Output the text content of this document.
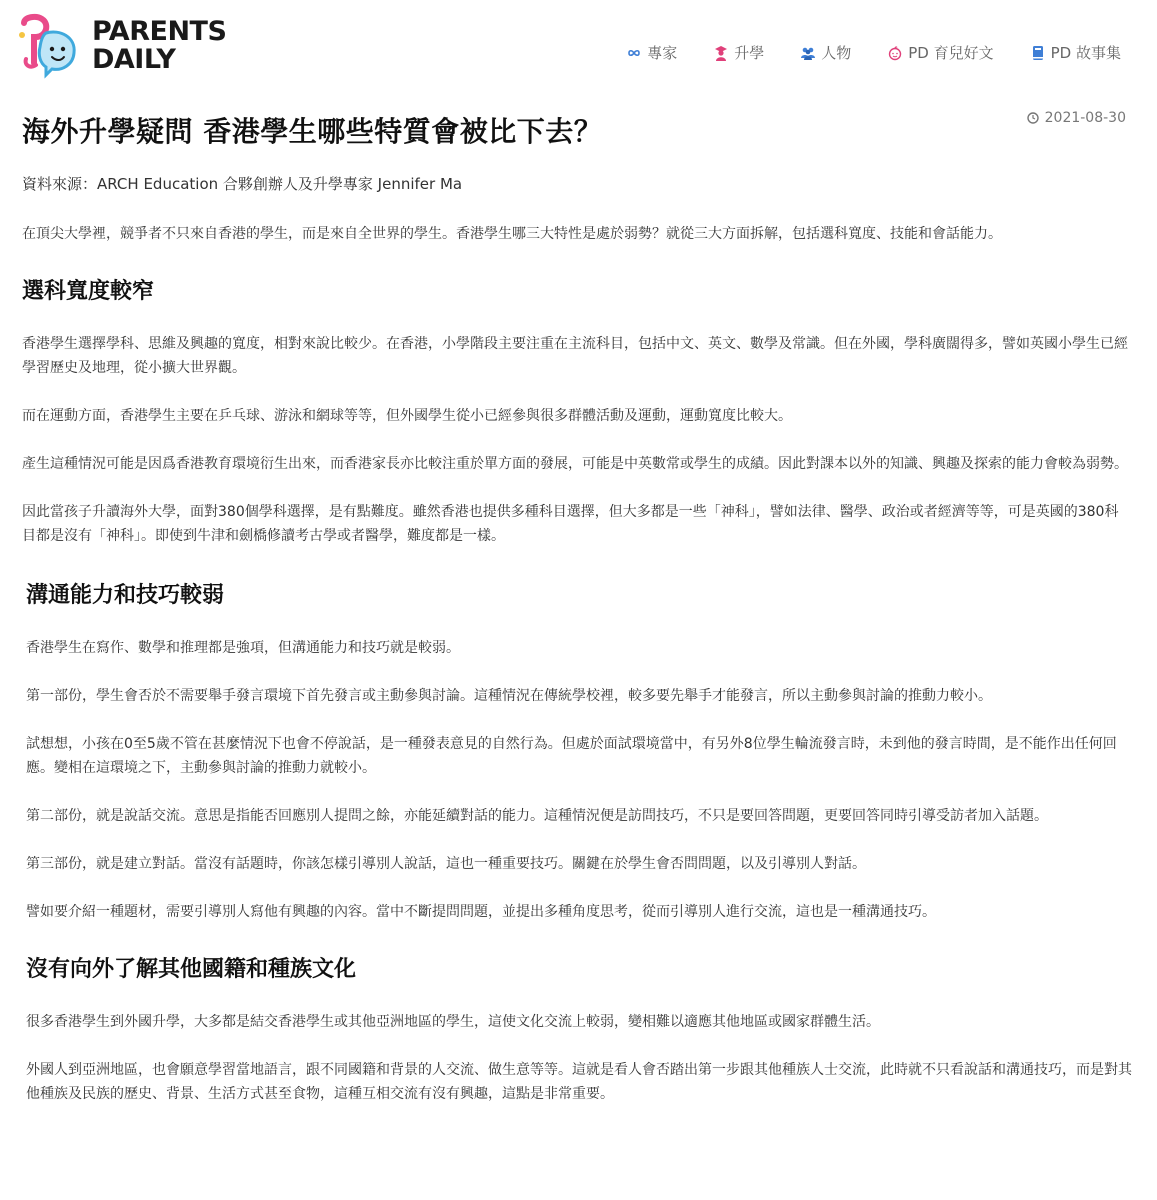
PARENTS
DAILY	專家	升學	人物	PD 育兒好文	PD 故事集
2021-08-30
海外升學疑問 香港學生哪些特質會被比下去？
資料來源：ARCH Education 合夥創辦人及升學專家 Jennifer Ma

在頂尖大學裡，競爭者不只來自香港的學生，而是來自全世界的學生。香港學生哪三大特性是處於弱勢？就從三大方面拆解，包括選科寬度、技能和會話能力。

選科寬度較窄

香港學生選擇學科、思維及興趣的寬度，相對來說比較少。在香港，小學階段主要注重在主流科目，包括中文、英文、數學及常識。但在外國，學科廣闊得多，譬如英國小學生已經學習歷史及地理，從小擴大世界觀。

而在運動方面，香港學生主要在乒乓球、游泳和網球等等，但外國學生從小已經參與很多群體活動及運動，運動寬度比較大。

產生這種情況可能是因爲香港教育環境衍生出來，而香港家長亦比較注重於單方面的發展，可能是中英數常或學生的成績。因此對課本以外的知識、興趣及探索的能力會較為弱勢。

因此當孩子升讀海外大學，面對380個學科選擇，是有點難度。雖然香港也提供多種科目選擇，但大多都是一些「神科」，譬如法律、醫學、政治或者經濟等等，可是英國的380科目都是沒有「神科」。即使到牛津和劍橋修讀考古學或者醫學，難度都是一樣。

溝通能力和技巧較弱

香港學生在寫作、數學和推理都是強項，但溝通能力和技巧就是較弱。

第一部份，學生會否於不需要舉手發言環境下首先發言或主動參與討論。這種情況在傳統學校裡，較多要先舉手才能發言，所以主動參與討論的推動力較小。

試想想，小孩在0至5歲不管在甚麼情況下也會不停說話，是一種發表意見的自然行為。但處於面試環境當中，有另外8位學生輪流發言時，未到他的發言時間，是不能作出任何回應。變相在這環境之下，主動參與討論的推動力就較小。

第二部份，就是說話交流。意思是指能否回應別人提問之餘，亦能延續對話的能力。這種情況便是訪問技巧，不只是要回答問題，更要回答同時引導受訪者加入話題。

第三部份，就是建立對話。當沒有話題時，你該怎樣引導別人說話，這也一種重要技巧。關鍵在於學生會否問問題，以及引導別人對話。

譬如要介紹一種題材，需要引導別人寫他有興趣的內容。當中不斷提問問題，並提出多種角度思考，從而引導別人進行交流，這也是一種溝通技巧。

沒有向外了解其他國籍和種族文化

很多香港學生到外國升學，大多都是結交香港學生或其他亞洲地區的學生，這使文化交流上較弱，變相難以適應其他地區或國家群體生活。

外國人到亞洲地區，也會願意學習當地語言，跟不同國籍和背景的人交流、做生意等等。這就是看人會否踏出第一步跟其他種族人士交流，此時就不只看說話和溝通技巧，而是對其他種族及民族的歷史、背景、生活方式甚至食物，這種互相交流有沒有興趣，這點是非常重要。
